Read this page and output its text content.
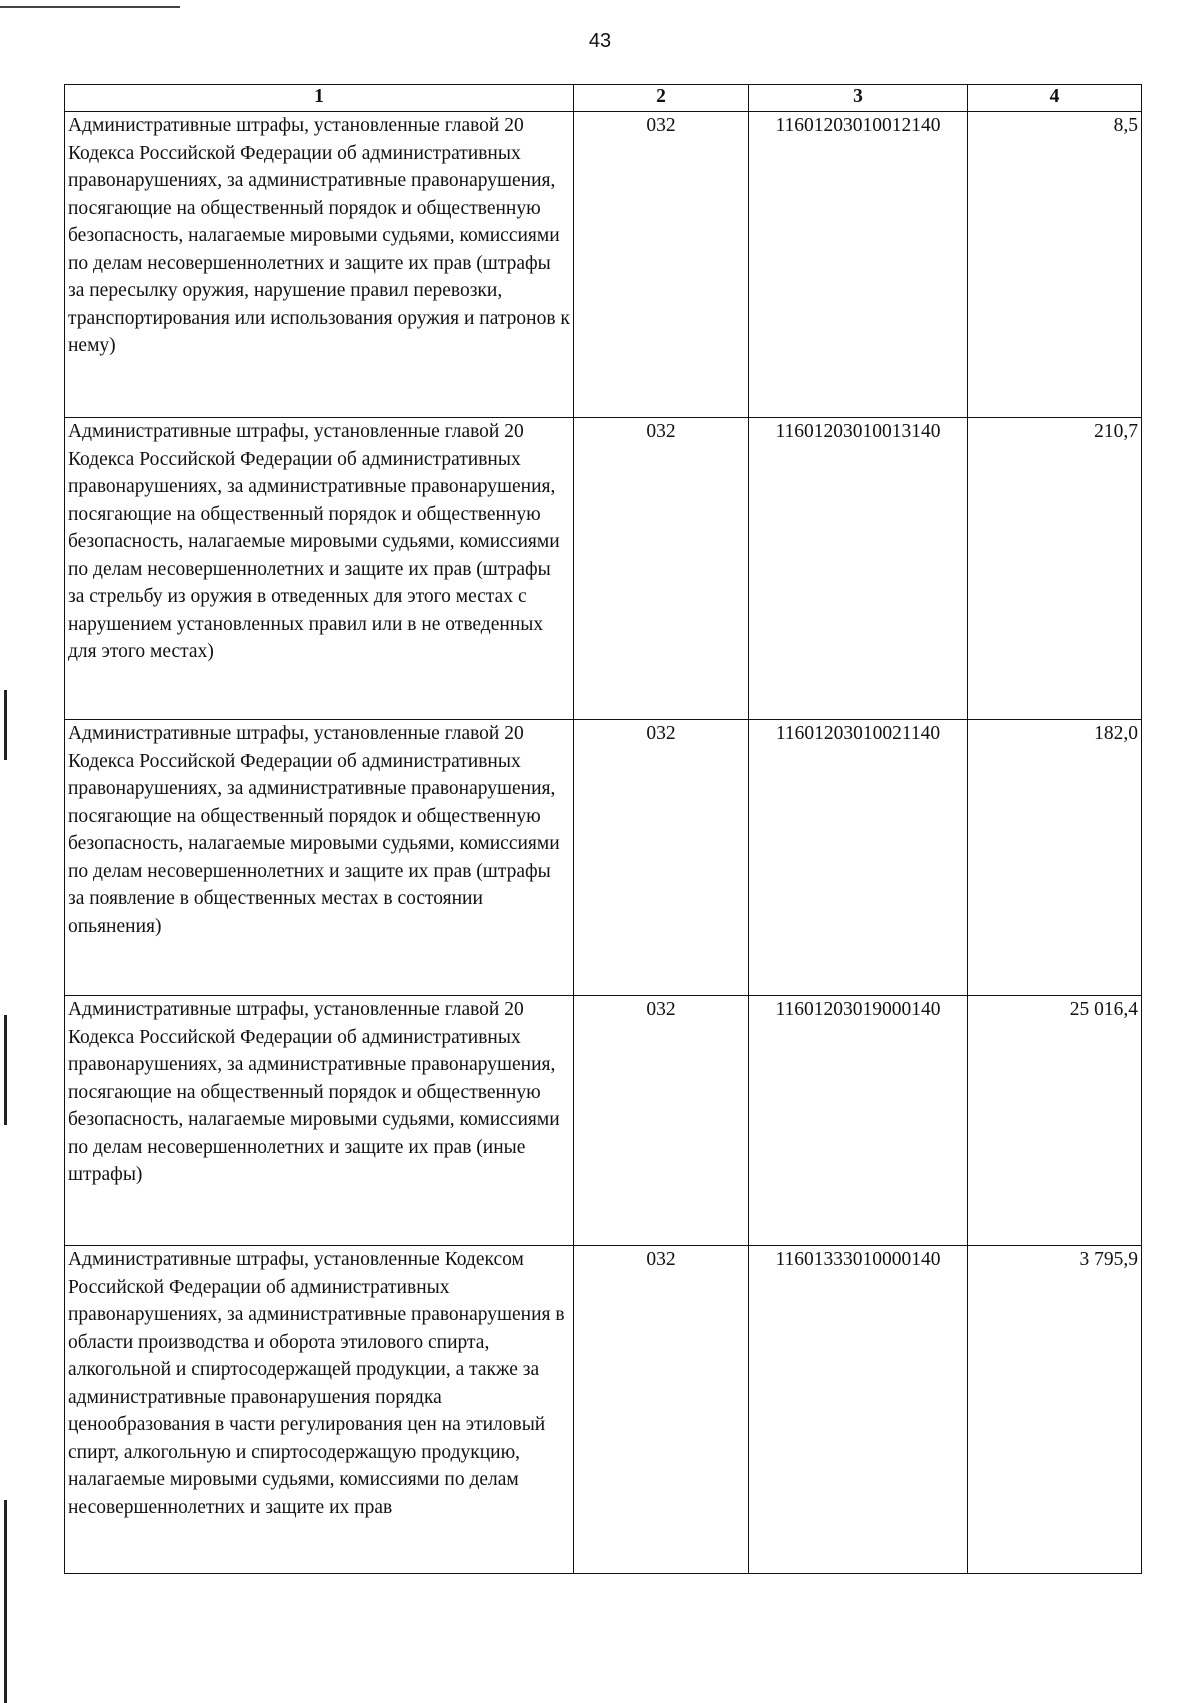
43
1	2	3	4
Административные штрафы, установленные главой 20 Кодекса Российской Федерации об административных правонарушениях, за административные правонарушения, посягающие на общественный порядок и общественную безопасность, налагаемые мировыми судьями, комиссиями по делам несовершеннолетних и защите их прав (штрафы за пересылку оружия, нарушение правил перевозки, транспортирования или использования оружия и патронов к нему)	032	11601203010012140	8,5
Административные штрафы, установленные главой 20 Кодекса Российской Федерации об административных правонарушениях, за административные правонарушения, посягающие на общественный порядок и общественную безопасность, налагаемые мировыми судьями, комиссиями по делам несовершеннолетних и защите их прав (штрафы за стрельбу из оружия в отведенных для этого местах с нарушением установленных правил или в не отведенных для этого местах)	032	11601203010013140	210,7
Административные штрафы, установленные главой 20 Кодекса Российской Федерации об административных правонарушениях, за административные правонарушения, посягающие на общественный порядок и общественную безопасность, налагаемые мировыми судьями, комиссиями по делам несовершеннолетних и защите их прав (штрафы за появление в общественных местах в состоянии опьянения)	032	11601203010021140	182,0
Административные штрафы, установленные главой 20 Кодекса Российской Федерации об административных правонарушениях, за административные правонарушения, посягающие на общественный порядок и общественную безопасность, налагаемые мировыми судьями, комиссиями по делам несовершеннолетних и защите их прав (иные штрафы)	032	11601203019000140	25 016,4
Административные штрафы, установленные Кодексом Российской Федерации об административных правонарушениях, за административные правонарушения в области производства и оборота этилового спирта, алкогольной и спиртосодержащей продукции, а также за административные правонарушения порядка ценообразования в части регулирования цен на этиловый спирт, алкогольную и спиртосодержащую продукцию, налагаемые мировыми судьями, комиссиями по делам несовершеннолетних и защите их прав	032	11601333010000140	3 795,9
